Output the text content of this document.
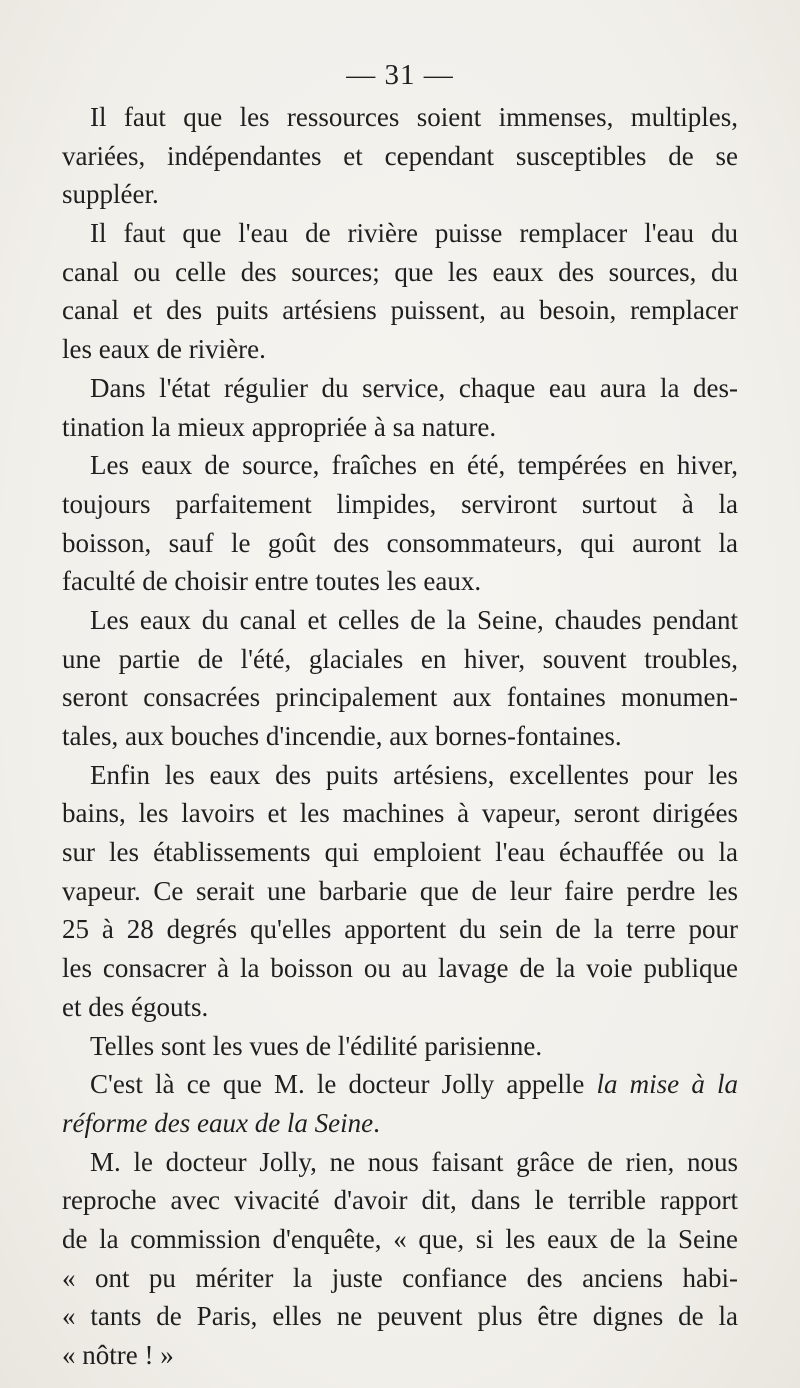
— 31 —
Il faut que les ressources soient immenses, multiples,
variées, indépendantes et cependant susceptibles de se
suppléer.
Il faut que l'eau de rivière puisse remplacer l'eau du
canal ou celle des sources; que les eaux des sources, du
canal et des puits artésiens puissent, au besoin, remplacer
les eaux de rivière.
Dans l'état régulier du service, chaque eau aura la des-
tination la mieux appropriée à sa nature.
Les eaux de source, fraîches en été, tempérées en hiver,
toujours parfaitement limpides, serviront surtout à la
boisson, sauf le goût des consommateurs, qui auront la
faculté de choisir entre toutes les eaux.
Les eaux du canal et celles de la Seine, chaudes pendant
une partie de l'été, glaciales en hiver, souvent troubles,
seront consacrées principalement aux fontaines monumen-
tales, aux bouches d'incendie, aux bornes-fontaines.
Enfin les eaux des puits artésiens, excellentes pour les
bains, les lavoirs et les machines à vapeur, seront dirigées
sur les établissements qui emploient l'eau échauffée ou la
vapeur. Ce serait une barbarie que de leur faire perdre les
25 à 28 degrés qu'elles apportent du sein de la terre pour
les consacrer à la boisson ou au lavage de la voie publique
et des égouts.
Telles sont les vues de l'édilité parisienne.
C'est là ce que M. le docteur Jolly appelle la mise à la
réforme des eaux de la Seine.
M. le docteur Jolly, ne nous faisant grâce de rien, nous
reproche avec vivacité d'avoir dit, dans le terrible rapport
de la commission d'enquête, « que, si les eaux de la Seine
« ont pu mériter la juste confiance des anciens habi-
« tants de Paris, elles ne peuvent plus être dignes de la
« nôtre ! »
